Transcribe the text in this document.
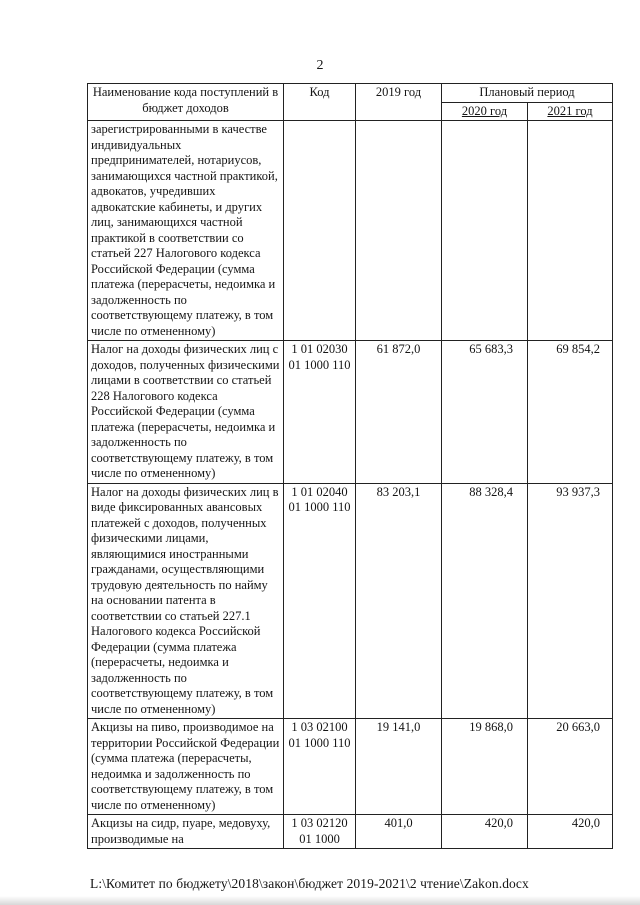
2
Наименование кода поступлений в бюджет доходов	Код	2019 год	Плановый период	
			2020 год	2021 год
зарегистрированными в качестве индивидуальных предпринимателей, нотариусов, занимающихся частной практикой, адвокатов, учредивших адвокатские кабинеты, и других лиц, занимающихся частной практикой в соответствии со статьей 227 Налогового кодекса Российской Федерации (сумма платежа (перерасчеты, недоимка и задолженность по соответствующему платежу, в том числе по отмененному)				
Налог на доходы физических лиц с доходов, полученных физическими лицами в соответствии со статьей 228 Налогового кодекса Российской Федерации (сумма платежа (перерасчеты, недоимка и задолженность по соответствующему платежу, в том числе по отмененному)	1 01 02030 01 1000 110	61 872,0	65 683,3	69 854,2
Налог на доходы физических лиц в виде фиксированных авансовых платежей с доходов, полученных физическими лицами, являющимися иностранными гражданами, осуществляющими трудовую деятельность по найму на основании патента в соответствии со статьей 227.1 Налогового кодекса Российской Федерации (сумма платежа (перерасчеты, недоимка и задолженность по соответствующему платежу, в том числе по отмененному)	1 01 02040 01 1000 110	83 203,1	88 328,4	93 937,3
Акцизы на пиво, производимое на территории Российской Федерации (сумма платежа (перерасчеты, недоимка и задолженность по соответствующему платежу, в том числе по отмененному)	1 03 02100 01 1000 110	19 141,0	19 868,0	20 663,0
Акцизы на сидр, пуаре, медовуху, производимые на	1 03 02120 01 1000	401,0	420,0	420,0
L:\Комитет по бюджету\2018\закон\бюджет 2019-2021\2 чтение\Zakon.docx
